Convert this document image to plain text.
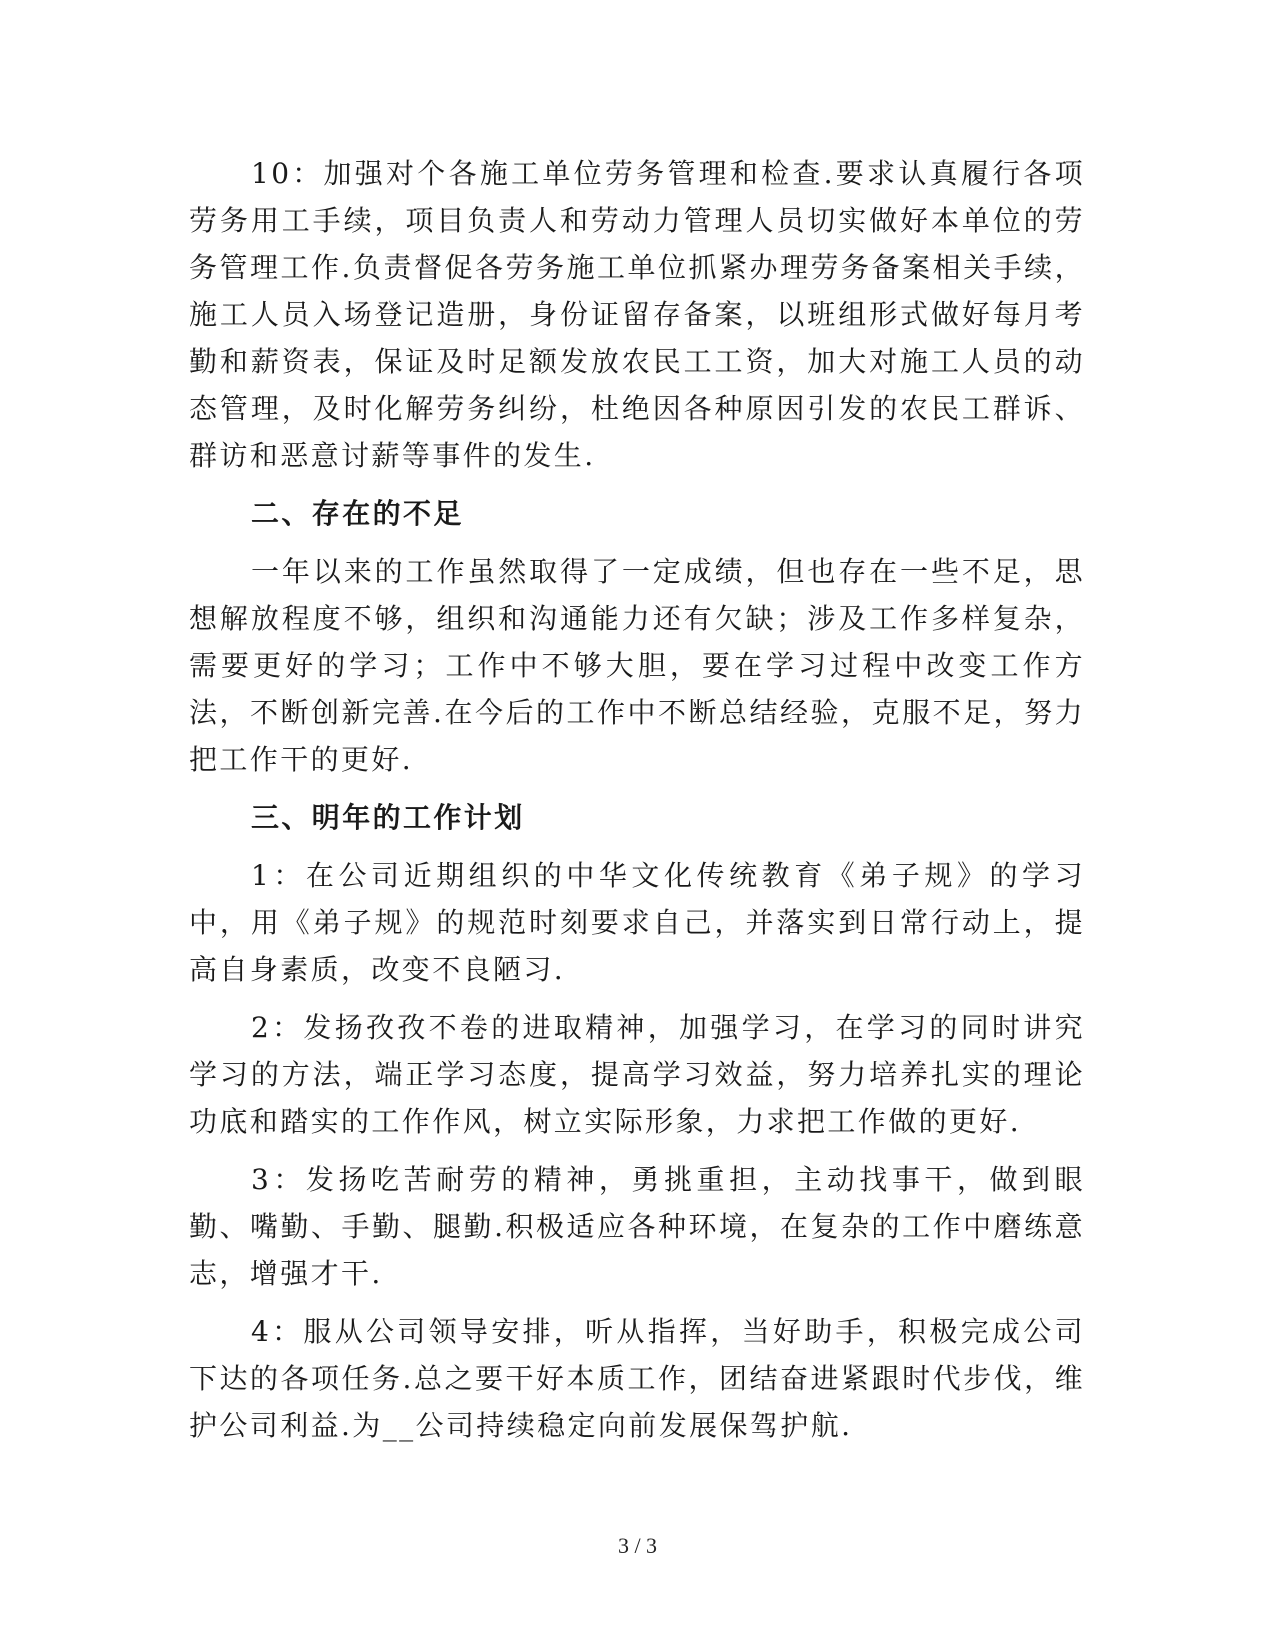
10：加强对个各施工单位劳务管理和检查.要求认真履行各项劳务用工手续，项目负责人和劳动力管理人员切实做好本单位的劳务管理工作.负责督促各劳务施工单位抓紧办理劳务备案相关手续，施工人员入场登记造册，身份证留存备案，以班组形式做好每月考勤和薪资表，保证及时足额发放农民工工资，加大对施工人员的动态管理，及时化解劳务纠纷，杜绝因各种原因引发的农民工群诉、群访和恶意讨薪等事件的发生.

二、存在的不足

一年以来的工作虽然取得了一定成绩，但也存在一些不足，思想解放程度不够，组织和沟通能力还有欠缺；涉及工作多样复杂，需要更好的学习；工作中不够大胆，要在学习过程中改变工作方法，不断创新完善.在今后的工作中不断总结经验，克服不足，努力把工作干的更好.

三、明年的工作计划

1：在公司近期组织的中华文化传统教育《弟子规》的学习中，用《弟子规》的规范时刻要求自己，并落实到日常行动上，提高自身素质，改变不良陋习.

2：发扬孜孜不卷的进取精神，加强学习，在学习的同时讲究学习的方法，端正学习态度，提高学习效益，努力培养扎实的理论功底和踏实的工作作风，树立实际形象，力求把工作做的更好.

3：发扬吃苦耐劳的精神，勇挑重担，主动找事干，做到眼勤、嘴勤、手勤、腿勤.积极适应各种环境，在复杂的工作中磨练意志，增强才干.

4：服从公司领导安排，听从指挥，当好助手，积极完成公司下达的各项任务.总之要干好本质工作，团结奋进紧跟时代步伐，维护公司利益.为__公司持续稳定向前发展保驾护航.

3 / 3
